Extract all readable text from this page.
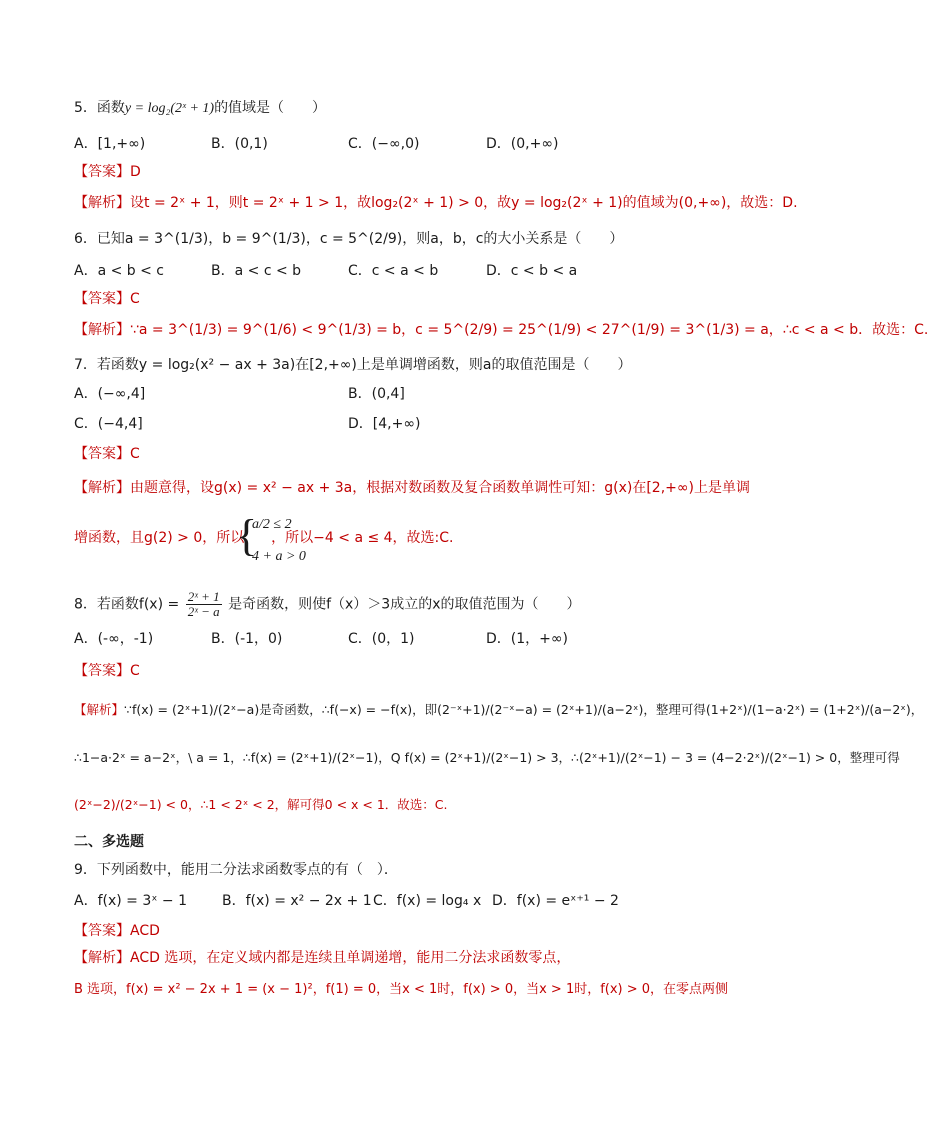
5．函数y = log₂(2ˣ + 1)的值域是（　　）
A．[1,+∞)	B．(0,1)	C．(−∞,0)	D．(0,+∞)
【答案】D
【解析】设t = 2ˣ + 1，则t = 2ˣ + 1 > 1，故log₂(2ˣ + 1) > 0，故y = log₂(2ˣ + 1)的值域为(0,+∞)，故选：D.
6．已知a = 3^(1/3)，b = 9^(1/3)，c = 5^(2/9)，则a，b，c的大小关系是（　　）
A．a < b < c	B．a < c < b	C．c < a < b	D．c < b < a
【答案】C
【解析】∵a = 3^(1/3) = 9^(1/6) < 9^(1/3) = b，c = 5^(2/9) = 25^(1/9) < 27^(1/9) = 3^(1/3) = a，∴c < a < b．故选：C.
7．若函数y = log₂(x² − ax + 3a)在[2,+∞)上是单调增函数，则a的取值范围是（　　）
A．(−∞,4]	B．(0,4]
C．(−4,4]	D．[4,+∞)
【答案】C
【解析】由题意得，设g(x) = x² − ax + 3a，根据对数函数及复合函数单调性可知：g(x)在[2,+∞)上是单调
增函数，且g(2) > 0，所以 ，所以−4 < a ≤ 4，故选:C.
{
a/2 ≤ 2
4 + a > 0
8．若函数$f(x) = \frac{\text{2ˣ + 1}}{\text{2ˣ − a}}$ 是奇函数，则使f（x）＞3成立的x的取值范围为（　　）
A．(-∞，-1)	B．(-1，0)	C．(0，1)	D．(1，+∞)
【答案】C
【解析】∵f(x) = (2ˣ+1)/(2ˣ−a)是奇函数，∴f(−x) = −f(x)，即(2⁻ˣ+1)/(2⁻ˣ−a) = (2ˣ+1)/(a−2ˣ)，整理可得(1+2ˣ)/(1−a·2ˣ) = (1+2ˣ)/(a−2ˣ)，
∴1−a·2ˣ = a−2ˣ，\ a = 1，∴f(x) = (2ˣ+1)/(2ˣ−1)，Q f(x) = (2ˣ+1)/(2ˣ−1) > 3，∴(2ˣ+1)/(2ˣ−1) − 3 = (4−2·2ˣ)/(2ˣ−1) > 0，整理可得
(2ˣ−2)/(2ˣ−1) < 0，∴1 < 2ˣ < 2，解可得0 < x < 1．故选：C.
二、多选题
9．下列函数中，能用二分法求函数零点的有（　）．
A．f(x) = 3ˣ − 1 B．f(x) = x² − 2x + 1 C．f(x) = log₄ x D．f(x) = eˣ⁺¹ − 2
【答案】ACD
【解析】ACD 选项，在定义域内都是连续且单调递增，能用二分法求函数零点，
B 选项，f(x) = x² − 2x + 1 = (x − 1)²，f(1) = 0，当x < 1时，f(x) > 0，当x > 1时，f(x) > 0，在零点两侧
